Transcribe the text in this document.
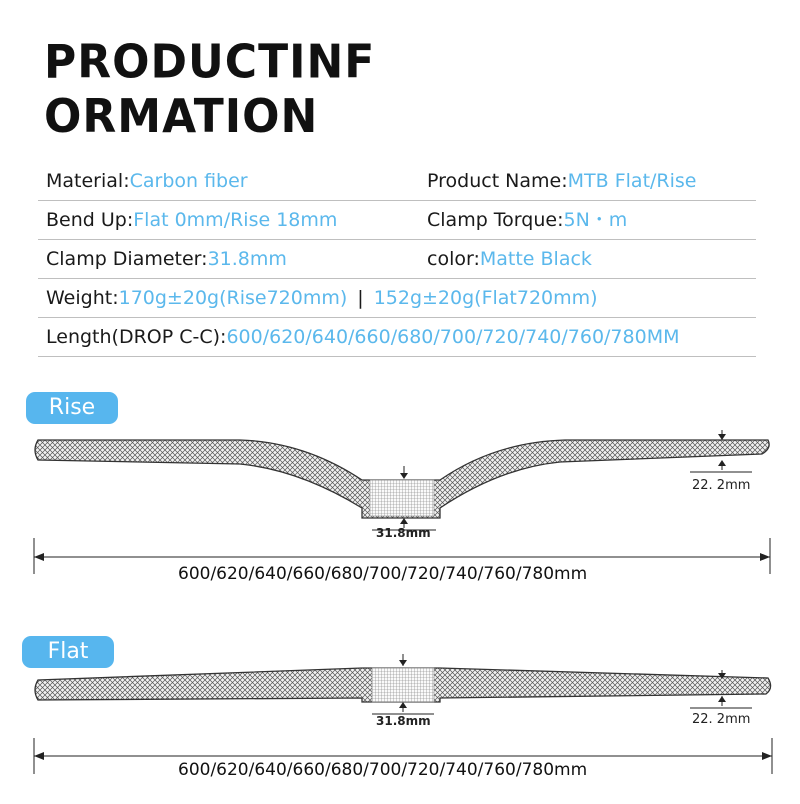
PRODUCTINF
ORMATION
Material:Carbon fiber	Product Name:MTB Flat/Rise
Bend Up:Flat 0mm/Rise 18mm	Clamp Torque:5N・m
Clamp Diameter:31.8mm	color:Matte Black
Weight:170g±20g(Rise720mm) | 152g±20g(Flat720mm)
Length(DROP C-C):600/620/640/660/680/700/720/740/760/780MM
Rise
31.8mm
22. 2mm
600/620/640/660/680/700/720/740/760/780mm
Flat
31.8mm	22. 2mm
600/620/640/660/680/700/720/740/760/780mm
